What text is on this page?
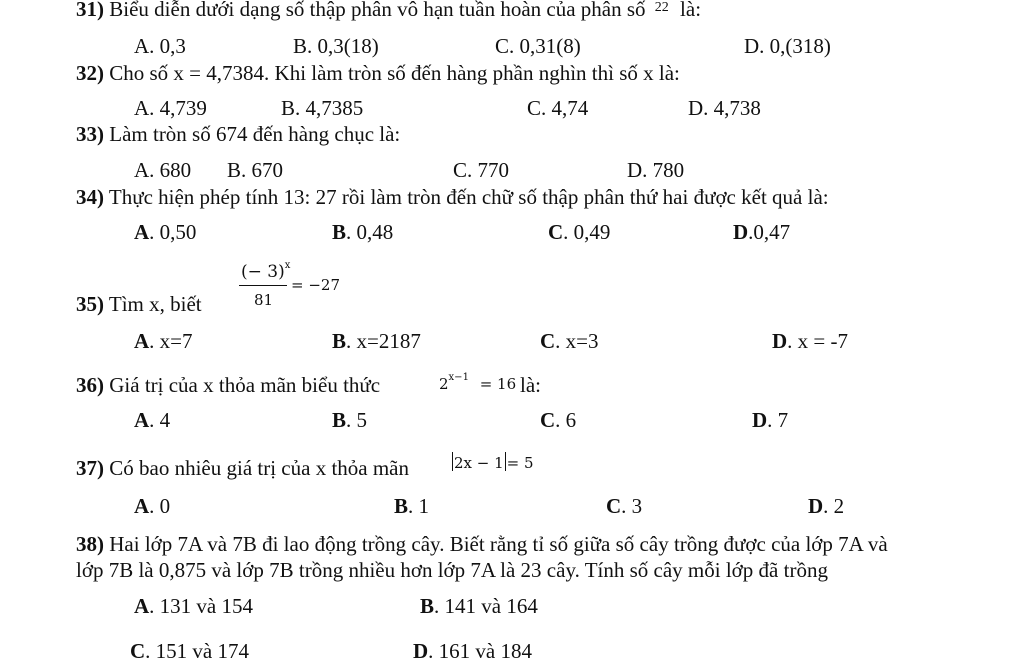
31) Biểu diễn dưới dạng số thập phân vô hạn tuần hoàn của phân số $^{22}$ là:
A. 0,3	B. 0,3(18)	C. 0,31(8)	D. 0,(318)
32) Cho số x = 4,7384. Khi làm tròn số đến hàng phần nghìn thì số x là:
A. 4,739	B. 4,7385	C. 4,74	D. 4,738
33) Làm tròn số 674 đến hàng chục là:
A. 680 B. 670	C. 770	D. 780
34) Thực hiện phép tính 13: 27 rồi làm tròn đến chữ số thập phân thứ hai được kết quả là:
A. 0,50	B. 0,48	C. 0,49	D.0,47
35) Tìm x, biết
(− 3)$^x$
81
= −27
A. x=7	B. x=2187	C. x=3	D. x = -7
36) Giá trị của x thỏa mãn biểu thức	$2^{x-1} = 16$ là:
A. 4	B. 5	C. 6	D. 7
37) Có bao nhiêu giá trị của x thỏa mãn	2x − 1 = 5
A. 0	B. 1	C. 3	D. 2
38) Hai lớp 7A và 7B đi lao động trồng cây. Biết rằng tỉ số giữa số cây trồng được của lớp 7A và
lớp 7B là 0,875 và lớp 7B trồng nhiều hơn lớp 7A là 23 cây. Tính số cây mỗi lớp đã trồng
A. 131 và 154	B. 141 và 164
C. 151 và 174	D. 161 và 184
